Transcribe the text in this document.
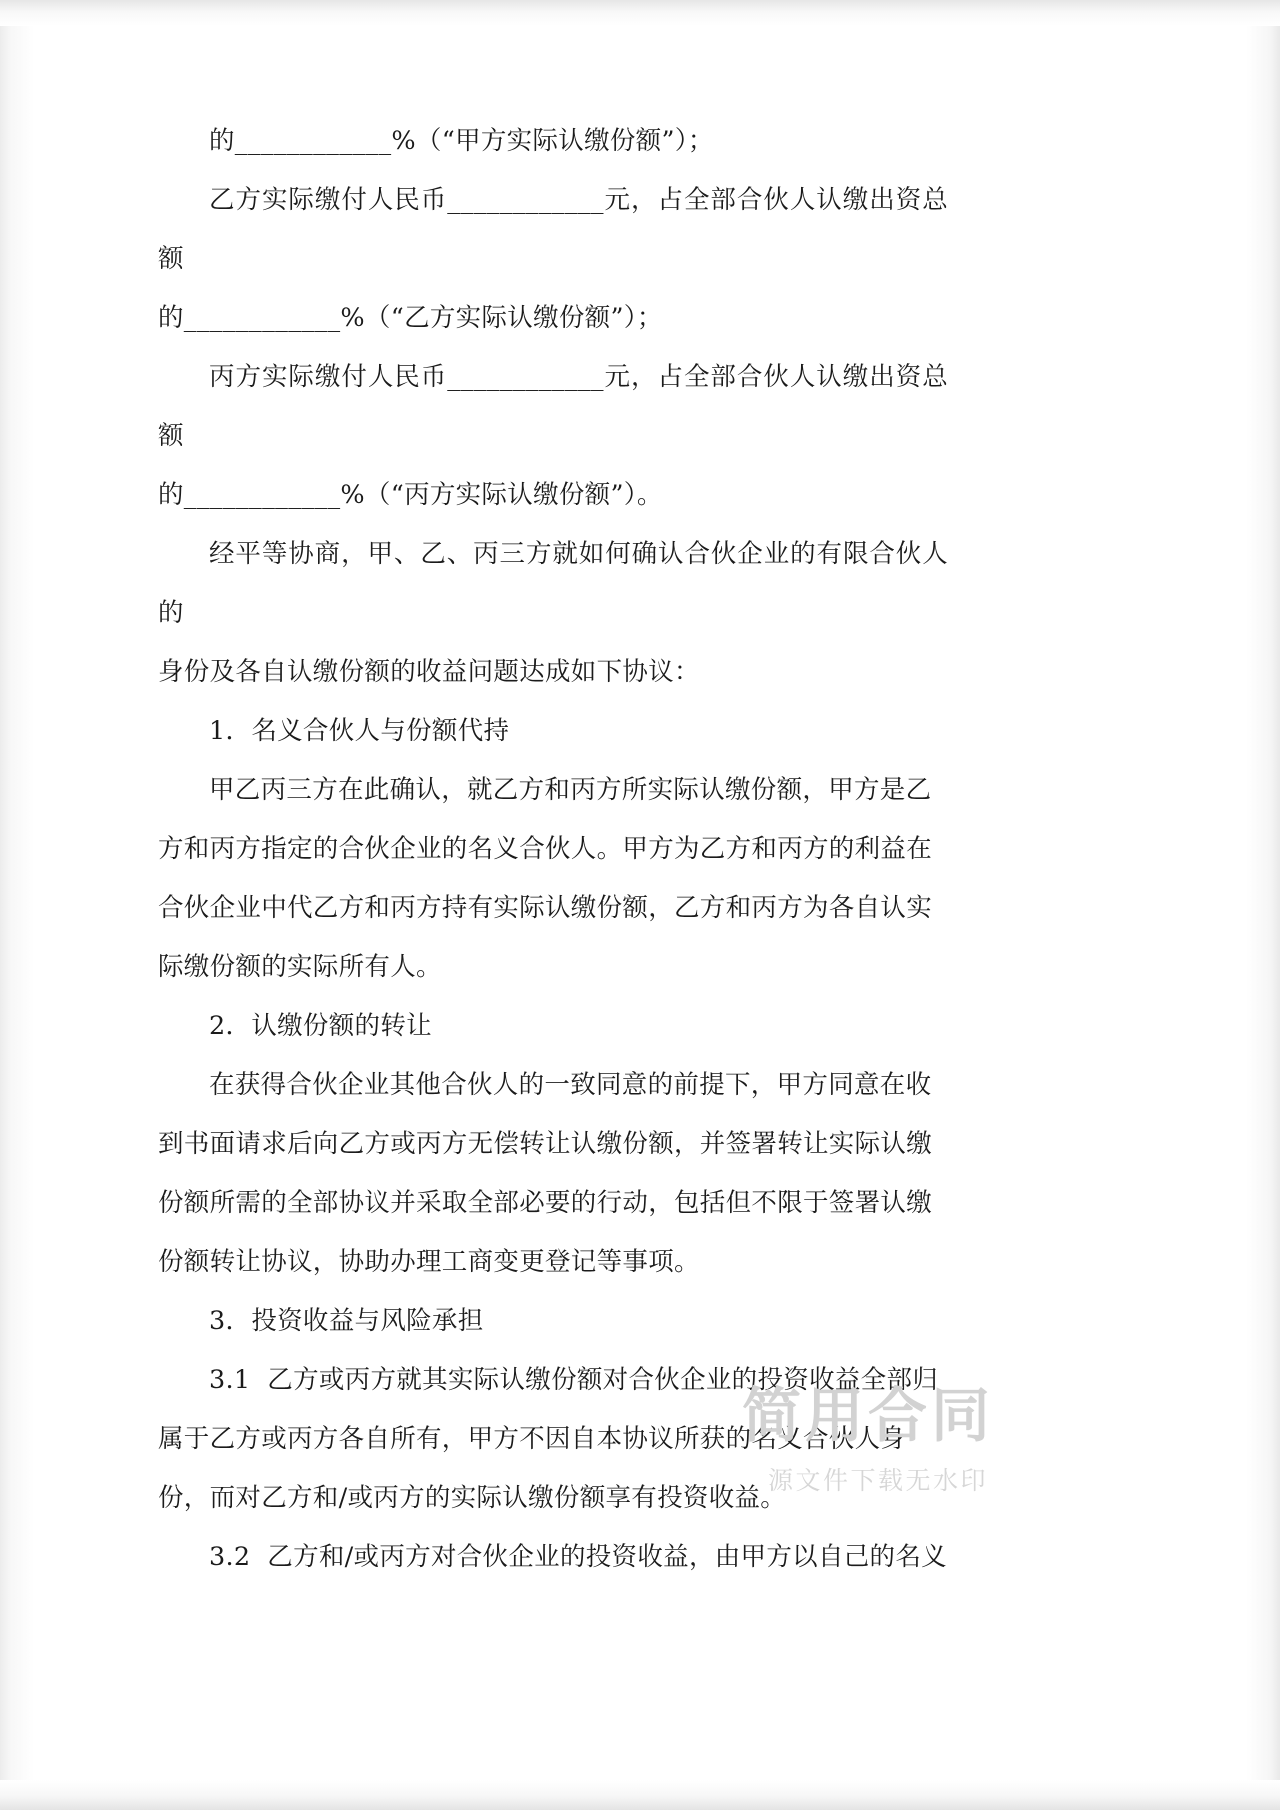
的____________%（“甲方实际认缴份额”）；

乙方实际缴付人民币____________元，占全部合伙人认缴出资总额

的____________%（“乙方实际认缴份额”）；

丙方实际缴付人民币____________元，占全部合伙人认缴出资总额

的____________%（“丙方实际认缴份额”）。

经平等协商，甲、乙、丙三方就如何确认合伙企业的有限合伙人的

身份及各自认缴份额的收益问题达成如下协议：

1．名义合伙人与份额代持

甲乙丙三方在此确认，就乙方和丙方所实际认缴份额，甲方是乙

方和丙方指定的合伙企业的名义合伙人。甲方为乙方和丙方的利益在

合伙企业中代乙方和丙方持有实际认缴份额，乙方和丙方为各自认实

际缴份额的实际所有人。

2．认缴份额的转让

在获得合伙企业其他合伙人的一致同意的前提下，甲方同意在收

到书面请求后向乙方或丙方无偿转让认缴份额，并签署转让实际认缴

份额所需的全部协议并采取全部必要的行动，包括但不限于签署认缴

份额转让协议，协助办理工商变更登记等事项。

3．投资收益与风险承担

3.1  乙方或丙方就其实际认缴份额对合伙企业的投资收益全部归

属于乙方或丙方各自所有，甲方不因自本协议所获的名义合伙人身

份，而对乙方和/或丙方的实际认缴份额享有投资收益。

3.2  乙方和/或丙方对合伙企业的投资收益，由甲方以自己的名义

简用合同
源文件下载无水印
